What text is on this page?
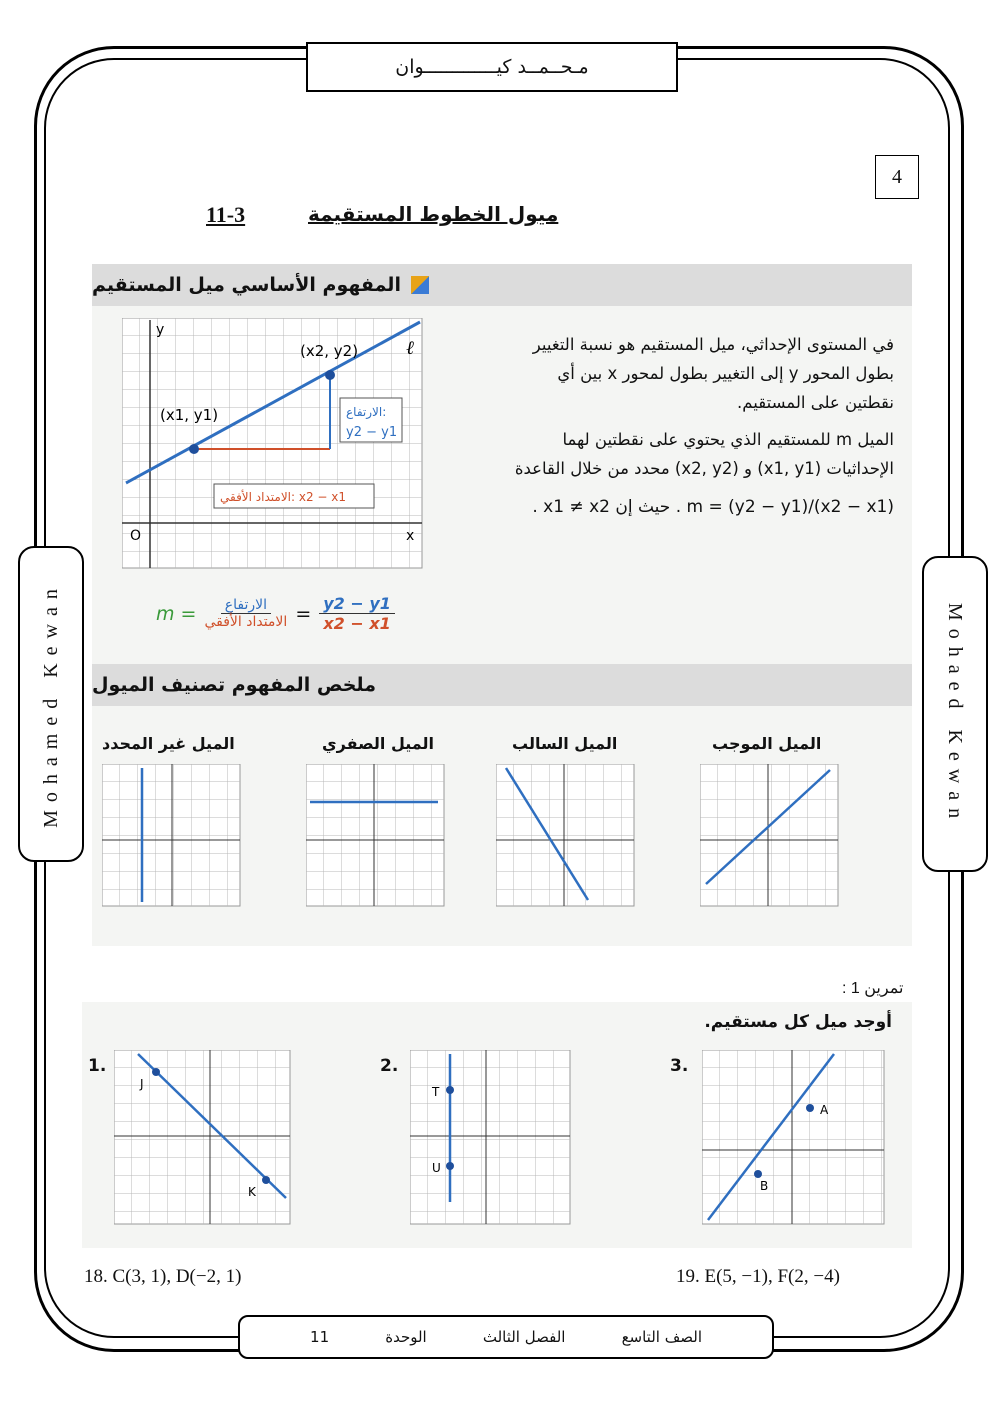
مـحــمــد كيـــــــــــــوان
4
Mohamed Kewan	Mohaed Kewan
ميول الخطوط المستقيمة
11-3
المفهوم الأساسي ميل المستقيم
في المستوى الإحداثي، ميل المستقيم هو نسبة التغيير بطول المحور y إلى التغيير بطول لمحور x بين أي نقطتين على المستقيم.
الميل m للمستقيم الذي يحتوي على نقطتين لهما الإحداثيات (x1, y1) و (x2, y2) محدد من خلال القاعدة
m = (y2 − y1)/(x2 − x1) . حيث إن x1 ≠ x2 .
(x1, y1)
(x2, y2)	ℓ
الارتفاع:
y2 − y1
الامتداد الأفقي: x2 − x1
y
x
O
m = الارتفاع
الامتداد الأفقي = $\frac{y2 - y1}{x2 - x1}$
ملخص المفهوم تصنيف الميول
الميل الموجب
الميل السالب
الميل الصفري
الميل غير المحدد
تمرين 1 :
أوجد ميل كل مستقيم.
1.
J
K
2.
T
U
3.
A
B
18. C(3, 1), D(−2, 1)	19. E(5, −1), F(2, −4)
الصف التاسع
الفصل الثالث
الوحدة
11
